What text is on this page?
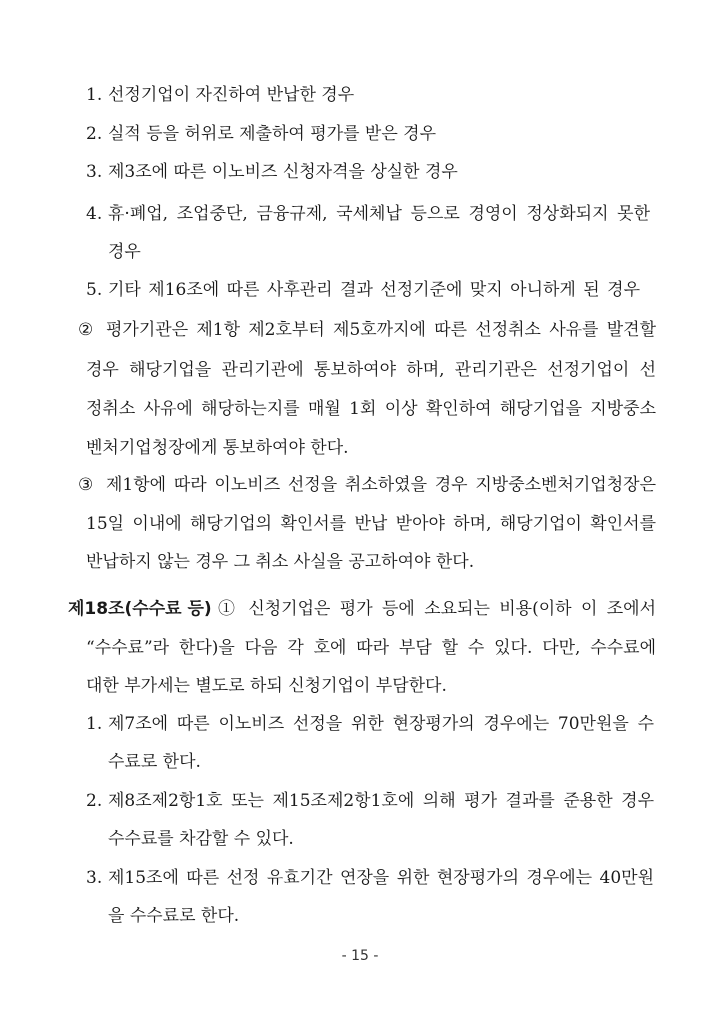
1. 선정기업이 자진하여 반납한 경우
2. 실적 등을 허위로 제출하여 평가를 받은 경우
3. 제3조에 따른 이노비즈 신청자격을 상실한 경우
4. 휴·폐업, 조업중단, 금융규제, 국세체납 등으로 경영이 정상화되지 못한
경우
5. 기타 제16조에 따른 사후관리 결과 선정기준에 맞지 아니하게 된 경우
② 평가기관은 제1항 제2호부터 제5호까지에 따른 선정취소 사유를 발견할
경우 해당기업을 관리기관에 통보하여야 하며, 관리기관은 선정기업이 선
정취소 사유에 해당하는지를 매월 1회 이상 확인하여 해당기업을 지방중소
벤처기업청장에게 통보하여야 한다.
③ 제1항에 따라 이노비즈 선정을 취소하였을 경우 지방중소벤처기업청장은
15일 이내에 해당기업의 확인서를 반납 받아야 하며, 해당기업이 확인서를
반납하지 않는 경우 그 취소 사실을 공고하여야 한다.
제18조(수수료 등) ① 신청기업은 평가 등에 소요되는 비용(이하 이 조에서
“수수료”라 한다)을 다음 각 호에 따라 부담 할 수 있다. 다만, 수수료에
대한 부가세는 별도로 하되 신청기업이 부담한다.
1. 제7조에 따른 이노비즈 선정을 위한 현장평가의 경우에는 70만원을 수
수료로 한다.
2. 제8조제2항1호 또는 제15조제2항1호에 의해 평가 결과를 준용한 경우
수수료를 차감할 수 있다.
3. 제15조에 따른 선정 유효기간 연장을 위한 현장평가의 경우에는 40만원
을 수수료로 한다.
- 15 -
